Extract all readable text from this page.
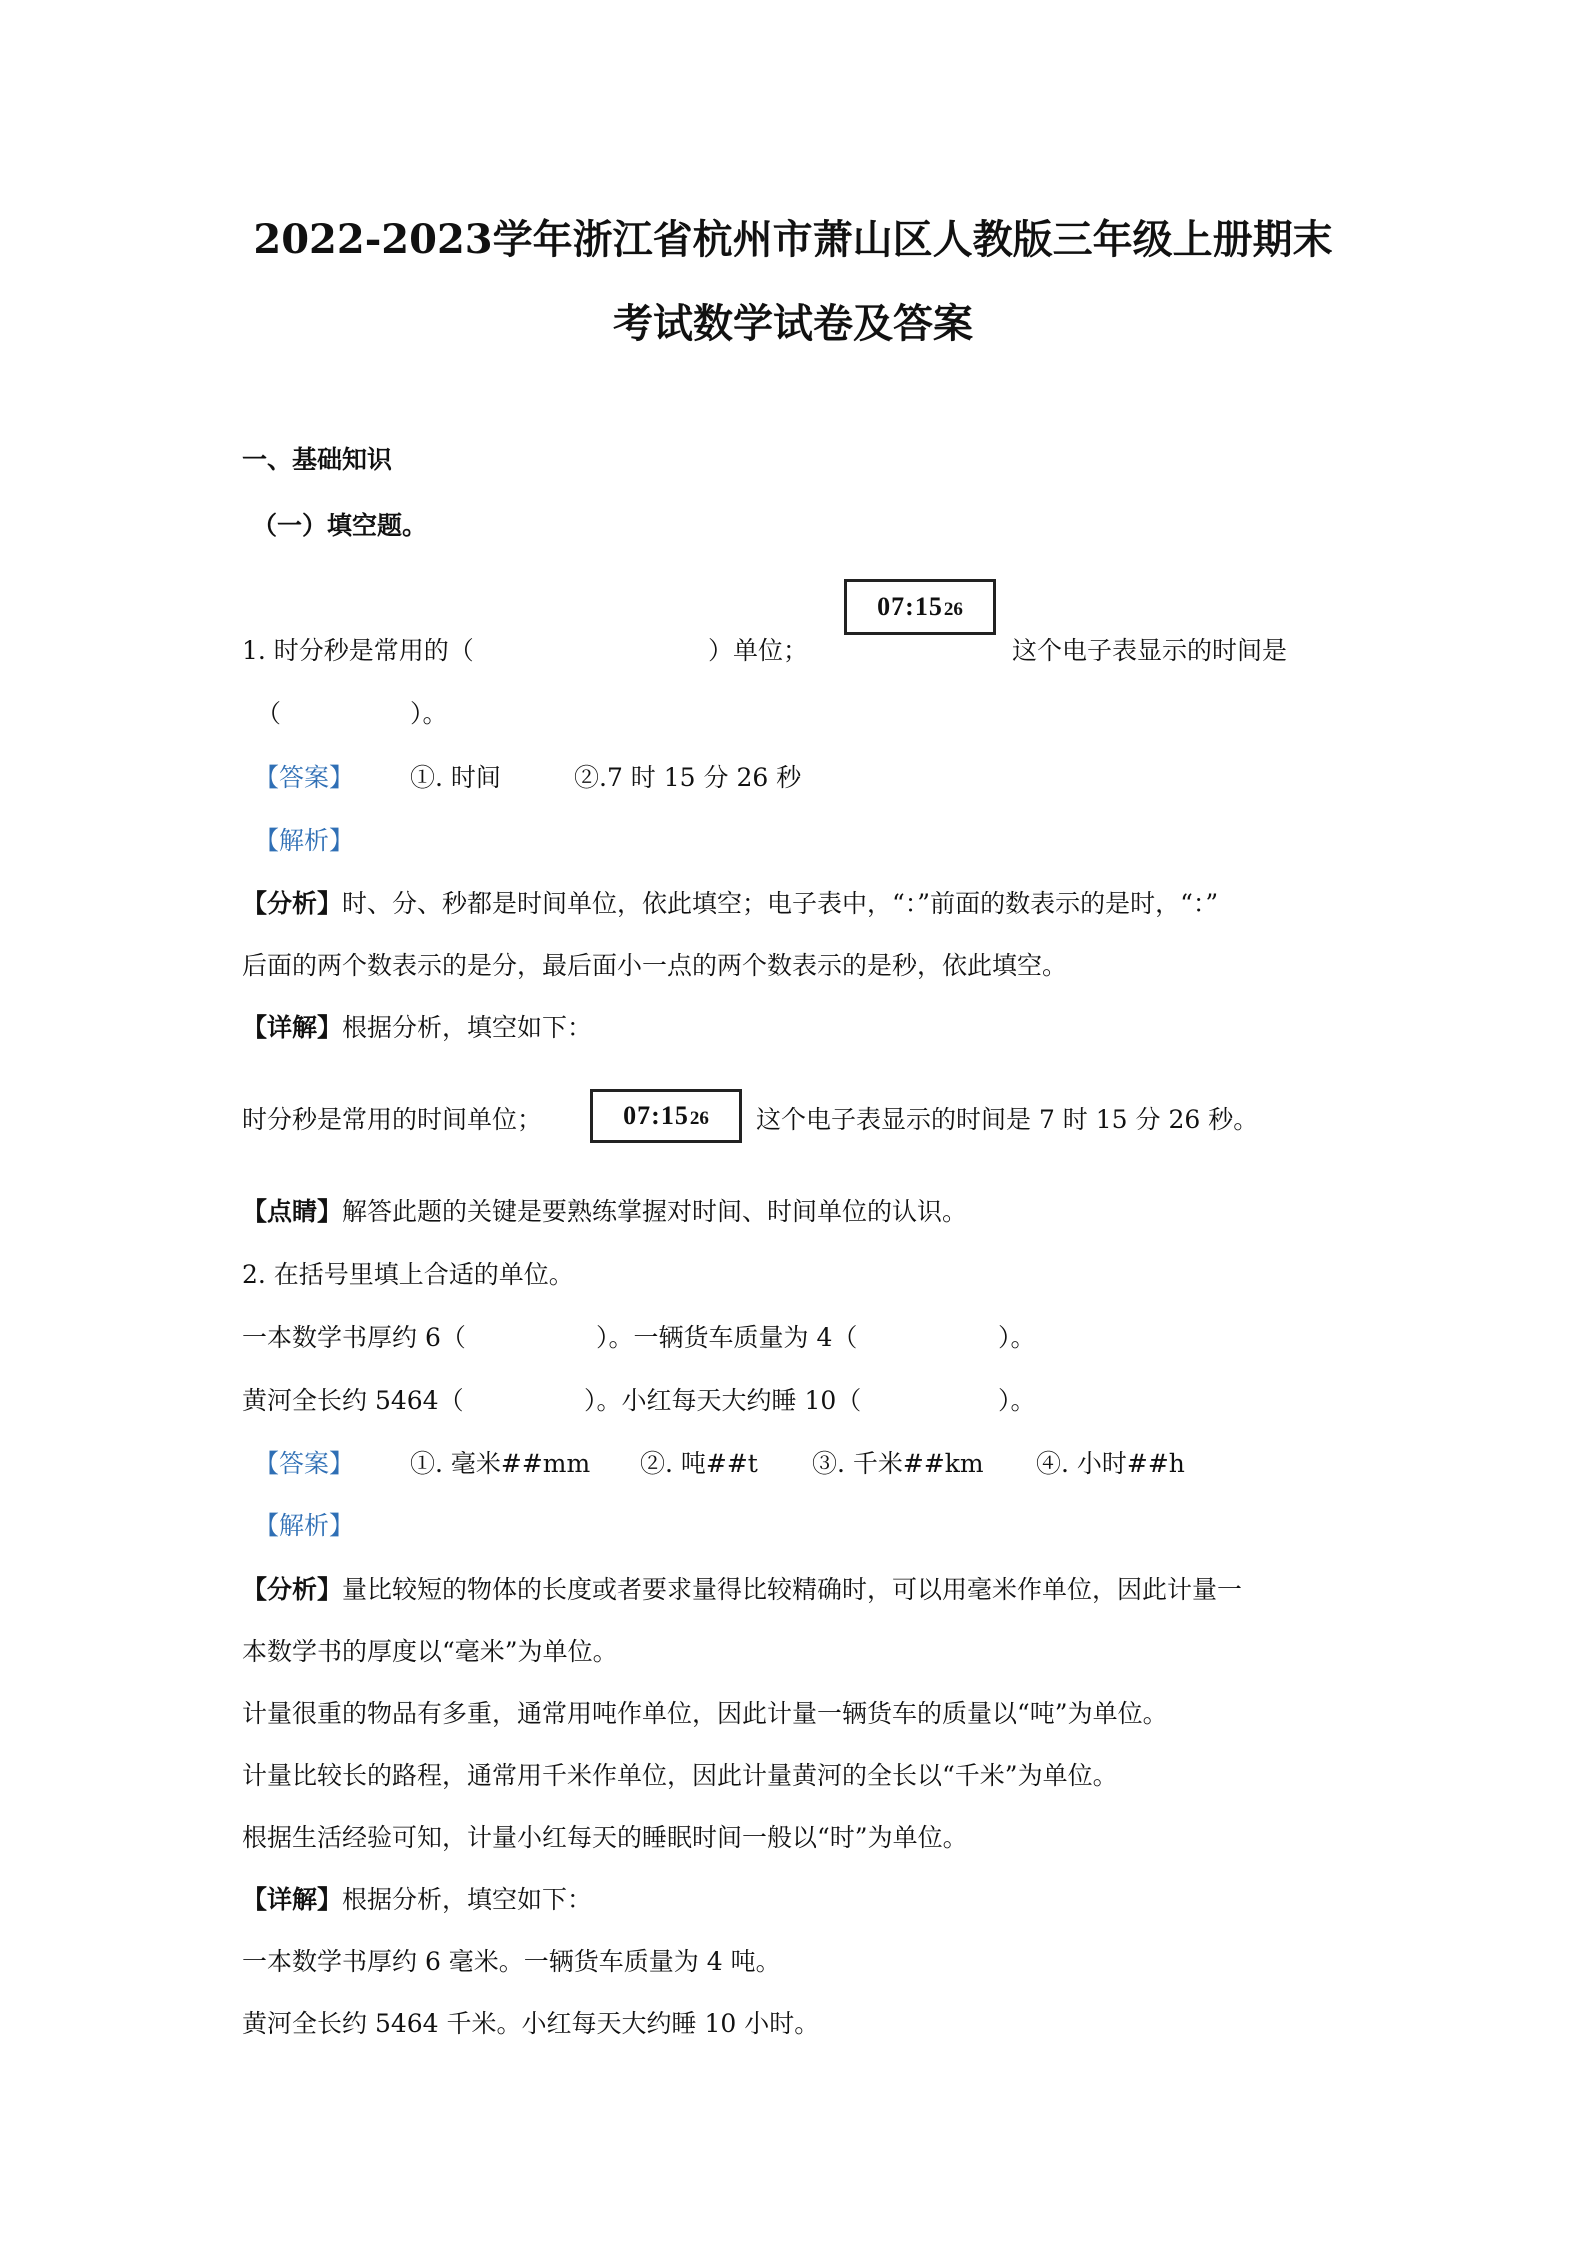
2022-2023学年浙江省杭州市萧山区人教版三年级上册期末
考试数学试卷及答案
一、基础知识
（一）填空题。
1. 时分秒是常用的（	）单位；
07:15 26
这个电子表显示的时间是
（	）。
【答案】 ①. 时间	②.7 时 15 分 26 秒
【解析】
【分析】时、分、秒都是时间单位，依此填空；电子表中，“：”前面的数表示的是时，“：”
后面的两个数表示的是分，最后面小一点的两个数表示的是秒，依此填空。
【详解】根据分析，填空如下：
时分秒是常用的时间单位；	07:15 26 这个电子表显示的时间是 7 时 15 分 26 秒。
【点睛】解答此题的关键是要熟练掌握对时间、时间单位的认识。
2. 在括号里填上合适的单位。
一本数学书厚约 6（	）。一辆货车质量为 4（	）。
黄河全长约 5464（	）。小红每天大约睡 10（	）。
【答案】 ①. 毫米##mm ②. 吨##t ③. 千米##km ④. 小时##h
【解析】
【分析】量比较短的物体的长度或者要求量得比较精确时，可以用毫米作单位，因此计量一
本数学书的厚度以“毫米”为单位。
计量很重的物品有多重，通常用吨作单位，因此计量一辆货车的质量以“吨”为单位。
计量比较长的路程，通常用千米作单位，因此计量黄河的全长以“千米”为单位。
根据生活经验可知，计量小红每天的睡眠时间一般以“时”为单位。
【详解】根据分析，填空如下：
一本数学书厚约 6 毫米。一辆货车质量为 4 吨。
黄河全长约 5464 千米。小红每天大约睡 10 小时。
